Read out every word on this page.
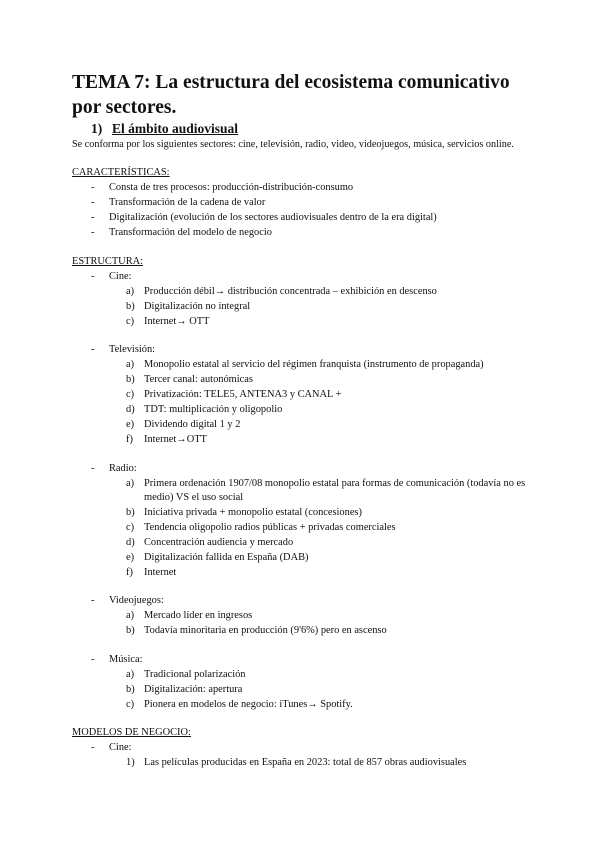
TEMA 7: La estructura del ecosistema comunicativo por sectores.
1) El ámbito audiovisual

Se conforma por los siguientes sectores: cine, televisión, radio, video, videojuegos, música, servicios online.

CARACTERÍSTICAS:

- Consta de tres procesos: producción-distribución-consumo

- Transformación de la cadena de valor

- Digitalización (evolución de los sectores audiovisuales dentro de la era digital)

- Transformación del modelo de negocio

ESTRUCTURA:

- Cine:

a) Producción débil→ distribución concentrada – exhibición en descenso

b) Digitalización no integral

c) Internet→ OTT

- Televisión:

a) Monopolio estatal al servicio del régimen franquista (instrumento de propaganda)

b) Tercer canal: autonómicas

c) Privatización: TELE5, ANTENA3 y CANAL +

d) TDT: multiplicación y oligopolio

e) Dividendo digital 1 y 2

f) Internet→OTT

- Radio:

a) Primera ordenación 1907/08 monopolio estatal para formas de comunicación (todavía no es medio) VS el uso social

b) Iniciativa privada + monopolio estatal (concesiones)

c) Tendencia oligopolio radios públicas + privadas comerciales

d) Concentración audiencia y mercado

e) Digitalización fallida en España (DAB)

f) Internet

- Videojuegos:

a) Mercado líder en ingresos

b) Todavía minoritaria en producción (9'6%) pero en ascenso

- Música:

a) Tradicional polarización

b) Digitalización: apertura

c) Pionera en modelos de negocio: iTunes→ Spotify.

MODELOS DE NEGOCIO:

- Cine:

1) Las películas producidas en España en 2023: total de 857 obras audiovisuales
